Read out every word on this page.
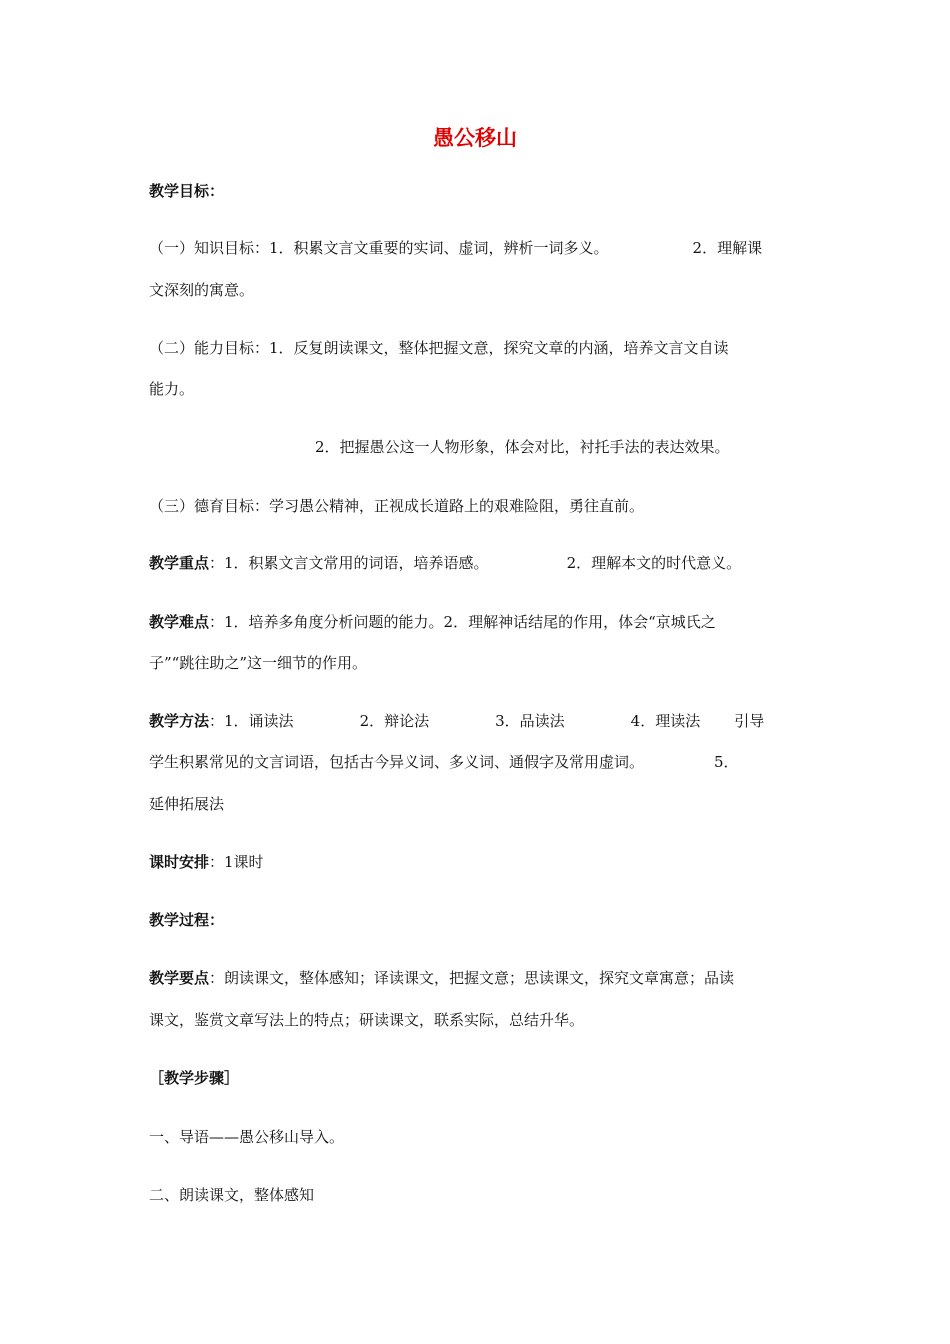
愚公移山
教学目标：
（一）知识目标：1．积累文言文重要的实词、虚词，辨析一词多义。	2．理解课
文深刻的寓意。
（二）能力目标：1．反复朗读课文，整体把握文意，探究文章的内涵，培养文言文自读
能力。
2．把握愚公这一人物形象，体会对比，衬托手法的表达效果。
（三）德育目标：学习愚公精神，正视成长道路上的艰难险阻，勇往直前。
教学重点：1．积累文言文常用的词语，培养语感。	2．理解本文的时代意义。
教学难点：1．培养多角度分析问题的能力。2．理解神话结尾的作用，体会“京城氏之
子”“跳往助之”这一细节的作用。
教学方法：1．诵读法	2．辩论法	3．品读法	4．理读法 引导
学生积累常见的文言词语，包括古今异义词、多义词、通假字及常用虚词。	5．
延伸拓展法
课时安排：1课时
教学过程：
教学要点：朗读课文，整体感知；译读课文，把握文意；思读课文，探究文章寓意；品读
课文，鉴赏文章写法上的特点；研读课文，联系实际，总结升华。
［教学步骤］
一、导语——愚公移山导入。
二、朗读课文，整体感知
